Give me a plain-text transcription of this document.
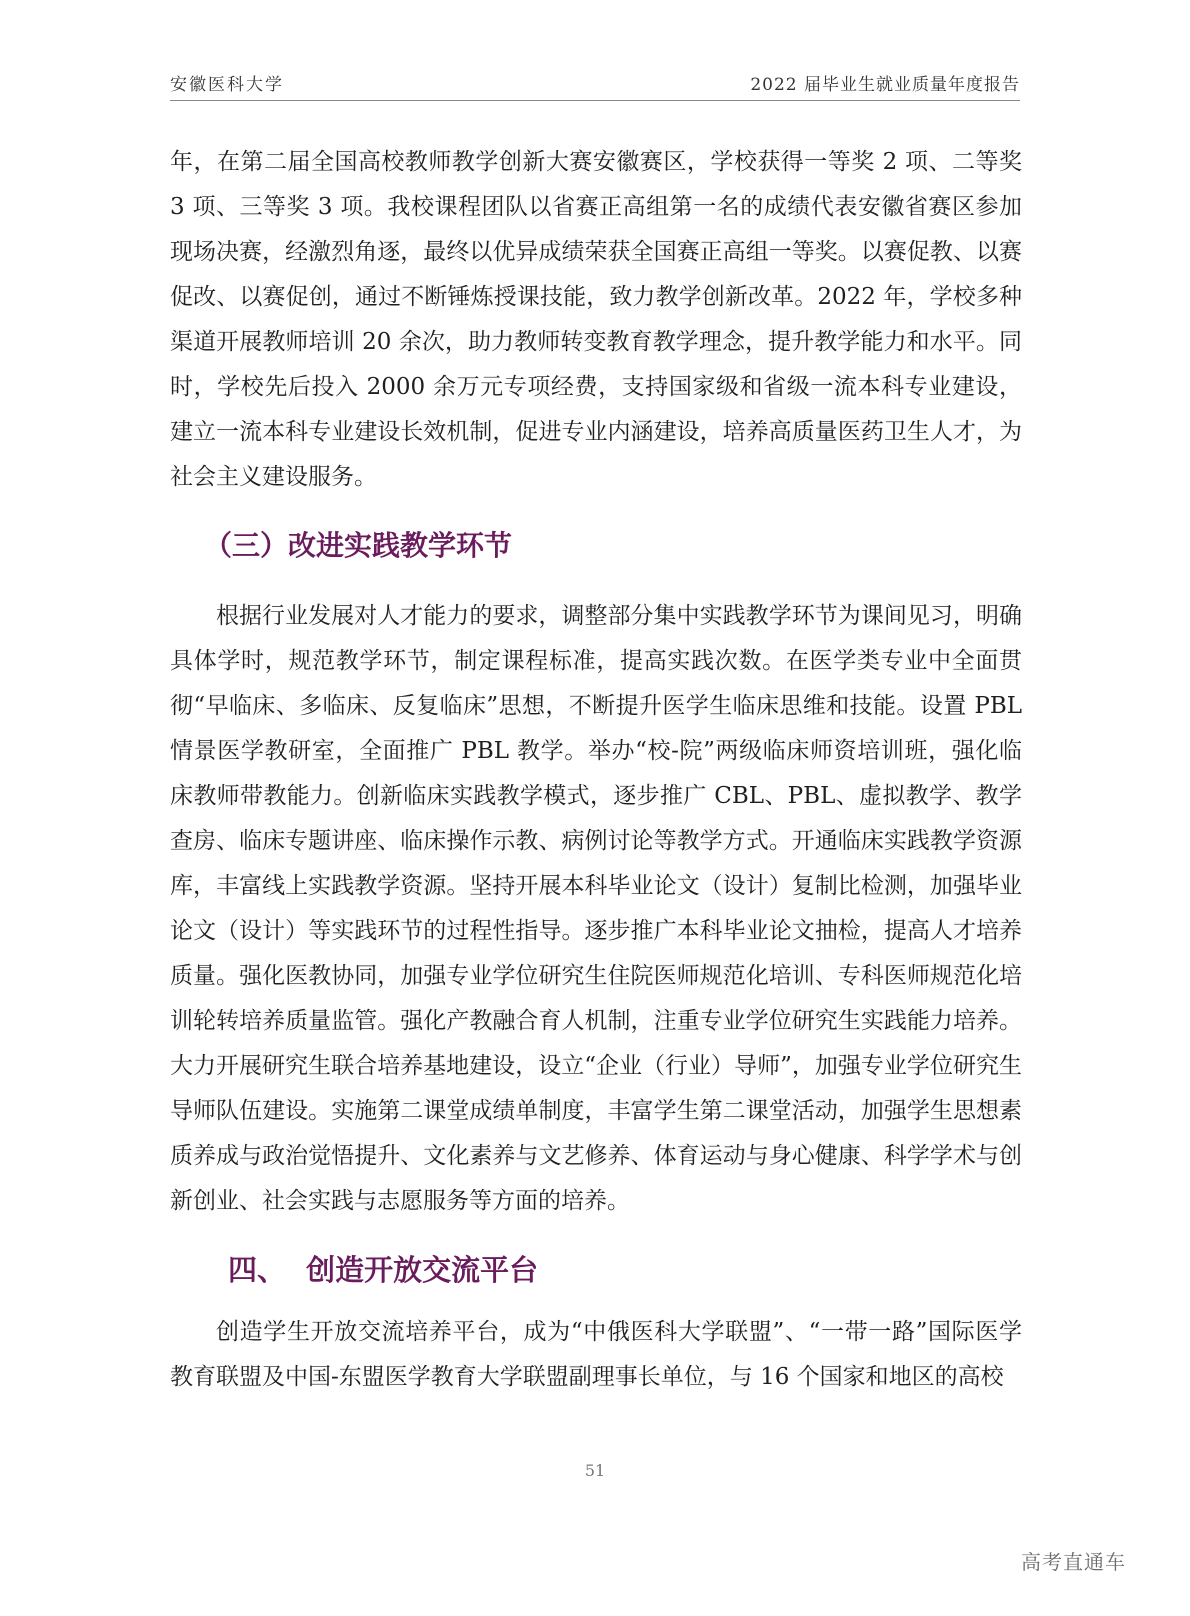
安徽医科大学	2022 届毕业生就业质量年度报告

年，在第二届全国高校教师教学创新大赛安徽赛区，学校获得一等奖 2 项、二等奖 3 项、三等奖 3 项。我校课程团队以省赛正高组第一名的成绩代表安徽省赛区参加现场决赛，经激烈角逐，最终以优异成绩荣获全国赛正高组一等奖。以赛促教、以赛促改、以赛促创，通过不断锤炼授课技能，致力教学创新改革。2022 年，学校多种渠道开展教师培训 20 余次，助力教师转变教育教学理念，提升教学能力和水平。同时，学校先后投入 2000 余万元专项经费，支持国家级和省级一流本科专业建设，建立一流本科专业建设长效机制，促进专业内涵建设，培养高质量医药卫生人才，为社会主义建设服务。

（三）改进实践教学环节

根据行业发展对人才能力的要求，调整部分集中实践教学环节为课间见习，明确具体学时，规范教学环节，制定课程标准，提高实践次数。在医学类专业中全面贯彻“早临床、多临床、反复临床”思想，不断提升医学生临床思维和技能。设置 PBL 情景医学教研室，全面推广 PBL 教学。举办“校-院”两级临床师资培训班，强化临床教师带教能力。创新临床实践教学模式，逐步推广 CBL、PBL、虚拟教学、教学查房、临床专题讲座、临床操作示教、病例讨论等教学方式。开通临床实践教学资源库，丰富线上实践教学资源。坚持开展本科毕业论文（设计）复制比检测，加强毕业论文（设计）等实践环节的过程性指导。逐步推广本科毕业论文抽检，提高人才培养质量。强化医教协同，加强专业学位研究生住院医师规范化培训、专科医师规范化培训轮转培养质量监管。强化产教融合育人机制，注重专业学位研究生实践能力培养。大力开展研究生联合培养基地建设，设立“企业（行业）导师”，加强专业学位研究生导师队伍建设。实施第二课堂成绩单制度，丰富学生第二课堂活动，加强学生思想素质养成与政治觉悟提升、文化素养与文艺修养、体育运动与身心健康、科学学术与创新创业、社会实践与志愿服务等方面的培养。

四、 创造开放交流平台

创造学生开放交流培养平台，成为“中俄医科大学联盟”、“一带一路”国际医学教育联盟及中国-东盟医学教育大学联盟副理事长单位，与 16 个国家和地区的高校

51
高考直通车
